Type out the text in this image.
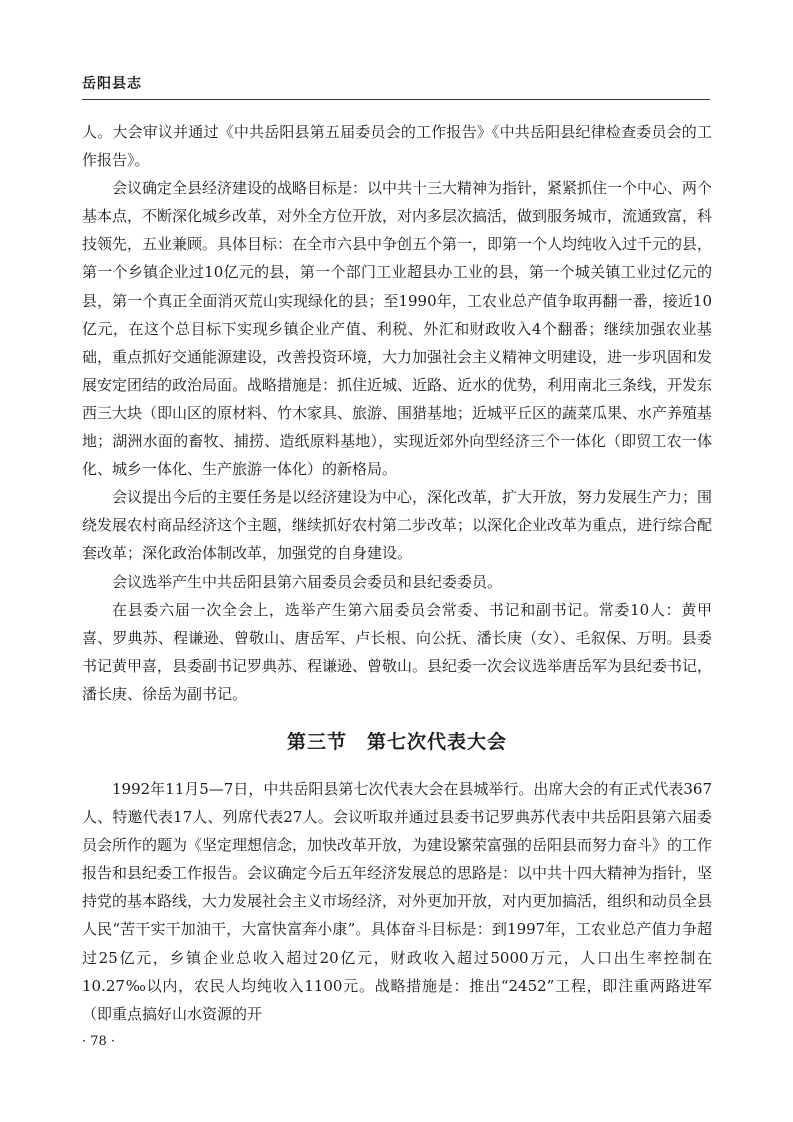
岳阳县志

人。大会审议并通过《中共岳阳县第五届委员会的工作报告》《中共岳阳县纪律检查委员会的工作报告》。

会议确定全县经济建设的战略目标是：以中共十三大精神为指针，紧紧抓住一个中心、两个基本点，不断深化城乡改革，对外全方位开放，对内多层次搞活，做到服务城市，流通致富，科技领先，五业兼顾。具体目标：在全市六县中争创五个第一，即第一个人均纯收入过千元的县，第一个乡镇企业过10亿元的县，第一个部门工业超县办工业的县，第一个城关镇工业过亿元的县，第一个真正全面消灭荒山实现绿化的县；至1990年，工农业总产值争取再翻一番，接近10亿元，在这个总目标下实现乡镇企业产值、利税、外汇和财政收入4个翻番；继续加强农业基础，重点抓好交通能源建设，改善投资环境，大力加强社会主义精神文明建设，进一步巩固和发展安定团结的政治局面。战略措施是：抓住近城、近路、近水的优势，利用南北三条线，开发东西三大块（即山区的原材料、竹木家具、旅游、围猎基地；近城平丘区的蔬菜瓜果、水产养殖基地；湖洲水面的畜牧、捕捞、造纸原料基地），实现近郊外向型经济三个一体化（即贸工农一体化、城乡一体化、生产旅游一体化）的新格局。

会议提出今后的主要任务是以经济建设为中心，深化改革，扩大开放，努力发展生产力；围绕发展农村商品经济这个主题，继续抓好农村第二步改革；以深化企业改革为重点，进行综合配套改革；深化政治体制改革，加强党的自身建设。

会议选举产生中共岳阳县第六届委员会委员和县纪委委员。

在县委六届一次全会上，选举产生第六届委员会常委、书记和副书记。常委10人：黄甲喜、罗典苏、程谦逊、曾敬山、唐岳军、卢长根、向公抚、潘长庚（女）、毛叙保、万明。县委书记黄甲喜，县委副书记罗典苏、程谦逊、曾敬山。县纪委一次会议选举唐岳军为县纪委书记，潘长庚、徐岳为副书记。

第三节　第七次代表大会

1992年11月5—7日，中共岳阳县第七次代表大会在县城举行。出席大会的有正式代表367人、特邀代表17人、列席代表27人。会议听取并通过县委书记罗典苏代表中共岳阳县第六届委员会所作的题为《坚定理想信念，加快改革开放，为建设繁荣富强的岳阳县而努力奋斗》的工作报告和县纪委工作报告。会议确定今后五年经济发展总的思路是：以中共十四大精神为指针，坚持党的基本路线，大力发展社会主义市场经济，对外更加开放，对内更加搞活，组织和动员全县人民“苦干实干加油干，大富快富奔小康”。具体奋斗目标是：到1997年，工农业总产值力争超过25亿元，乡镇企业总收入超过20亿元，财政收入超过5000万元，人口出生率控制在10.27‰以内，农民人均纯收入1100元。战略措施是：推出“2452”工程，即注重两路进军（即重点搞好山水资源的开

· 78 ·
